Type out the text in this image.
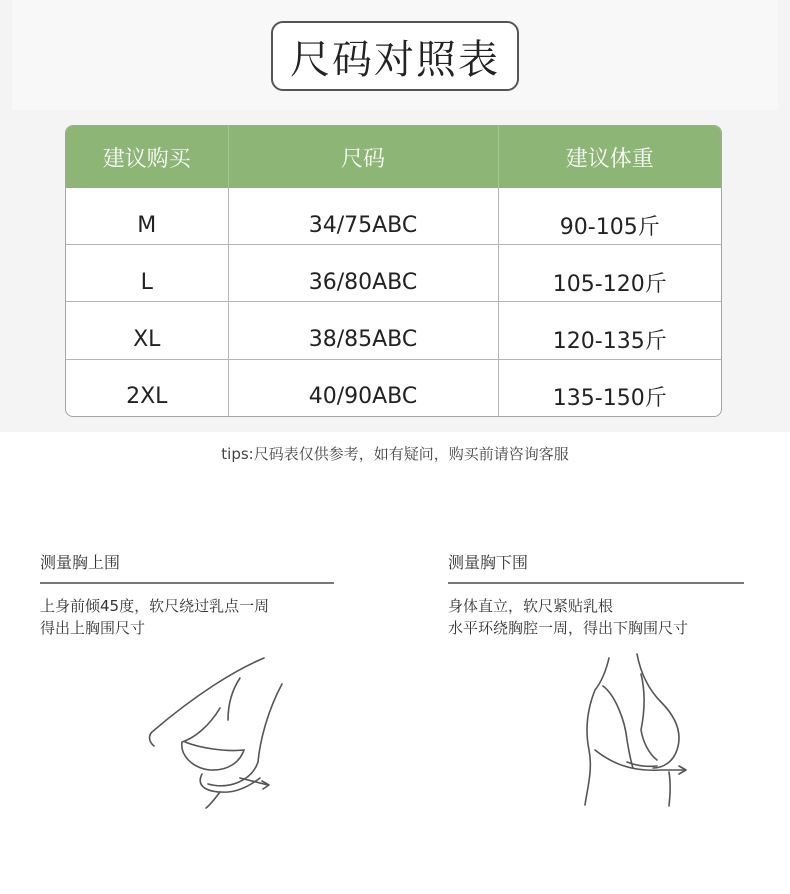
尺码对照表
建议购买	尺码	建议体重
M	34/75ABC	90-105斤
L	36/80ABC	105-120斤
XL	38/85ABC	120-135斤
2XL	40/90ABC	135-150斤
tips:尺码表仅供参考，如有疑问，购买前请咨询客服
测量胸上围
上身前倾45度，软尺绕过乳点一周
得出上胸围尺寸
测量胸下围
身体直立，软尺紧贴乳根
水平环绕胸腔一周，得出下胸围尺寸
